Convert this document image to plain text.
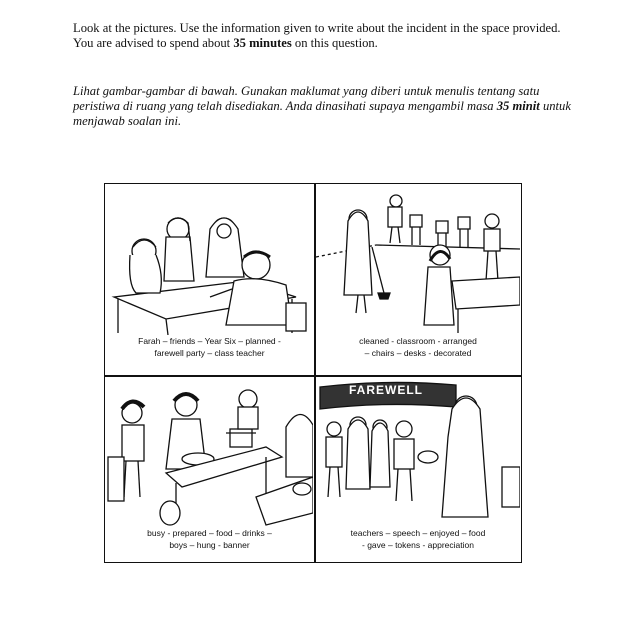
Look at the pictures. Use the information given to write about the incident in the space provided.
You are advised to spend about 35 minutes on this question.
Lihat gambar-gambar di bawah. Gunakan maklumat yang diberi untuk menulis tentang satu peristiwa di ruang yang telah disediakan. Anda dinasihati supaya mengambil masa 35 minit untuk menjawab soalan ini.
Farah – friends – Year Six – planned -
farewell party – class teacher
cleaned - classroom - arranged
– chairs – desks - decorated
busy - prepared – food – drinks –
boys – hung - banner
FAREWELL
teachers – speech – enjoyed – food
- gave – tokens - appreciation
